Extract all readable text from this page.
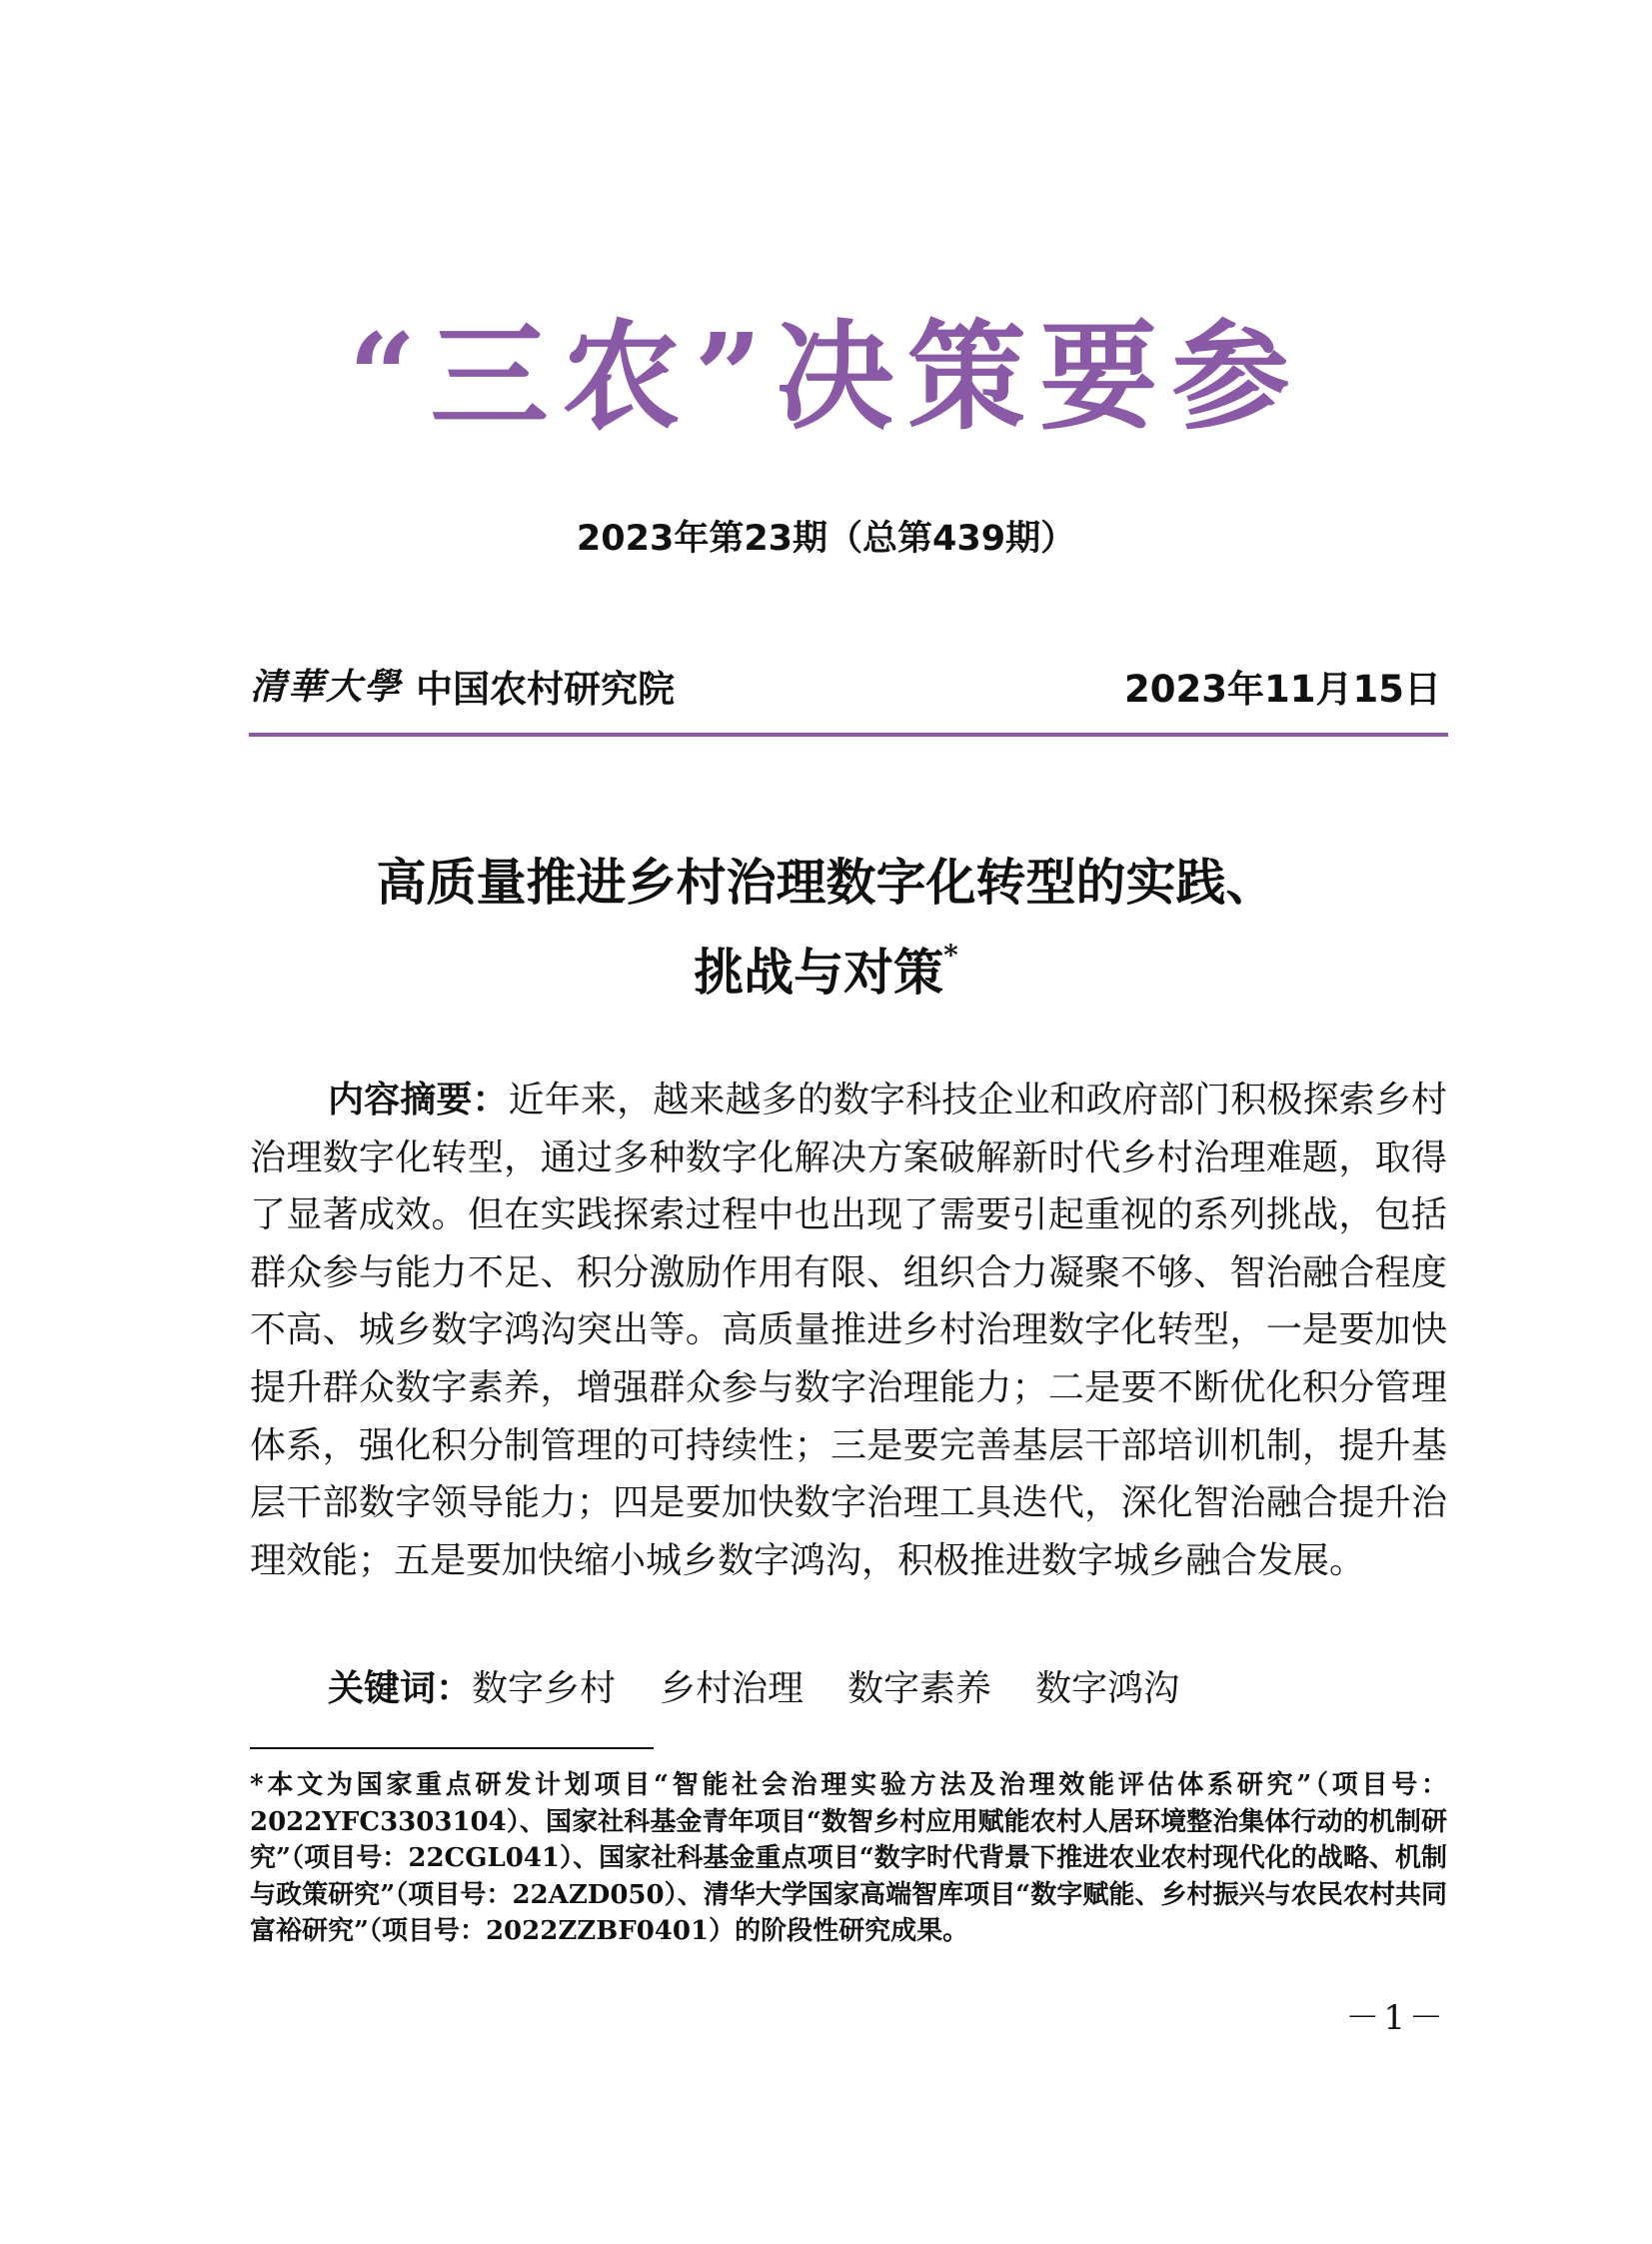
“三农”决策要参
2023年第23期（总第439期）
清華大學 中国农村研究院	2023年11月15日
高质量推进乡村治理数字化转型的实践、
挑战与对策*

内容摘要：近年来，越来越多的数字科技企业和政府部门积极探索乡村治理数字化转型，通过多种数字化解决方案破解新时代乡村治理难题，取得了显著成效。但在实践探索过程中也出现了需要引起重视的系列挑战，包括群众参与能力不足、积分激励作用有限、组织合力凝聚不够、智治融合程度不高、城乡数字鸿沟突出等。高质量推进乡村治理数字化转型，一是要加快提升群众数字素养，增强群众参与数字治理能力；二是要不断优化积分管理体系，强化积分制管理的可持续性；三是要完善基层干部培训机制，提升基层干部数字领导能力；四是要加快数字治理工具迭代，深化智治融合提升治理效能；五是要加快缩小城乡数字鸿沟，积极推进数字城乡融合发展。

关键词：数字乡村 乡村治理 数字素养 数字鸿沟

*本文为国家重点研发计划项目“智能社会治理实验方法及治理效能评估体系研究”（项目号：2022YFC3303104）、国家社科基金青年项目“数智乡村应用赋能农村人居环境整治集体行动的机制研究”（项目号：22CGL041）、国家社科基金重点项目“数字时代背景下推进农业农村现代化的战略、机制与政策研究”（项目号：22AZD050）、清华大学国家高端智库项目“数字赋能、乡村振兴与农民农村共同富裕研究”（项目号：2022ZZBF0401）的阶段性研究成果。

－1－
